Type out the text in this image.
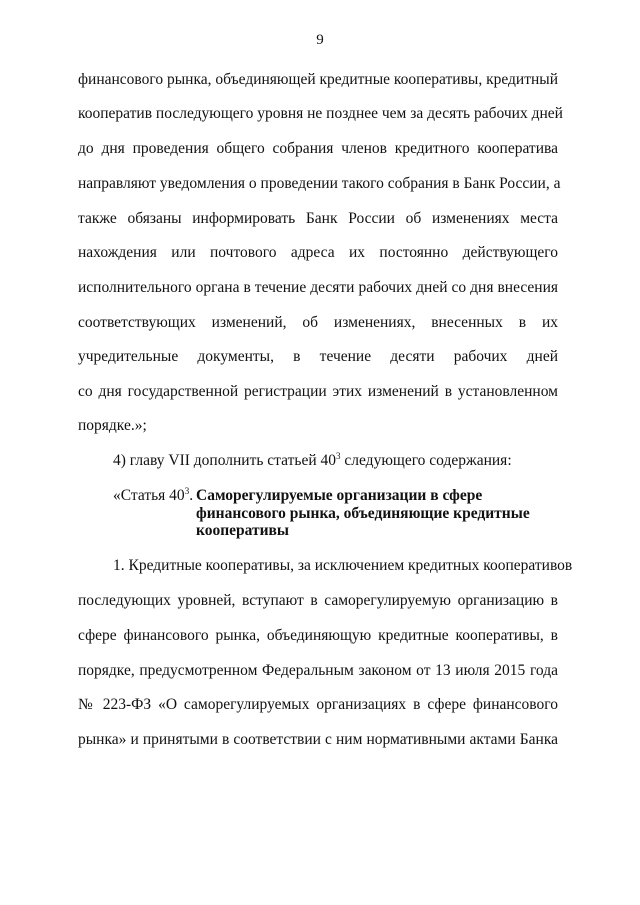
9
финансового рынка, объединяющей кредитные кооперативы, кредитный
кооператив последующего уровня не позднее чем за десять рабочих дней
до дня проведения общего собрания членов кредитного кооператива
направляют уведомления о проведении такого собрания в Банк России, а
также обязаны информировать Банк России об изменениях места
нахождения или почтового адреса их постоянно действующего
исполнительного органа в течение десяти рабочих дней со дня внесения
соответствующих изменений, об изменениях, внесенных в их
учредительные документы, в течение десяти рабочих дней
со дня государственной регистрации этих изменений в установленном
порядке.»;
4) главу VII дополнить статьей $40^3$ следующего содержания:
«Статья $40^3$. Саморегулируемые организации в сфере
финансового рынка, объединяющие кредитные
кооперативы
1. Кредитные кооперативы, за исключением кредитных кооперативов
последующих уровней, вступают в саморегулируемую организацию в
сфере финансового рынка, объединяющую кредитные кооперативы, в
порядке, предусмотренном Федеральным законом от 13 июля 2015 года
№ 223-ФЗ «О саморегулируемых организациях в сфере финансового
рынка» и принятыми в соответствии с ним нормативными актами Банка
